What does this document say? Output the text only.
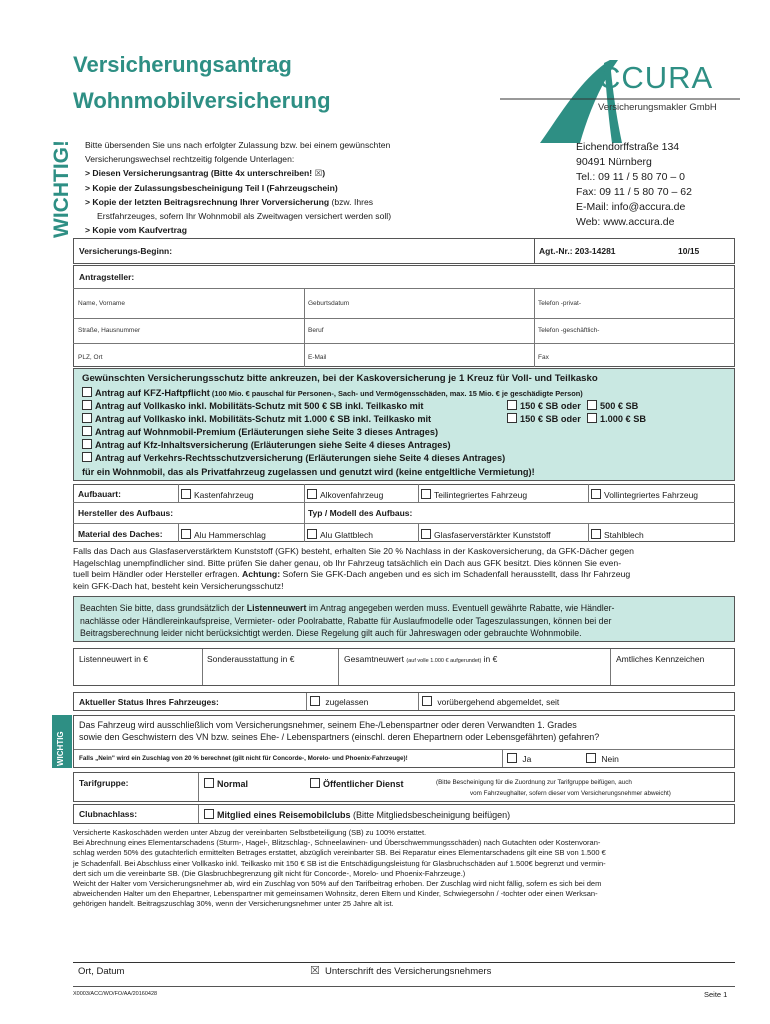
Versicherungsantrag
Wohnmobilversicherung
WICHTIG!
CCURA
Versicherungsmakler GmbH
Bitte übersenden Sie uns nach erfolgter Zulassung bzw. bei einem gewünschten
Versicherungswechsel rechtzeitig folgende Unterlagen:
> Diesen Versicherungsantrag (Bitte 4x unterschreiben! ☒)
> Kopie der Zulassungsbescheinigung Teil I (Fahrzeugschein)
> Kopie der letzten Beitragsrechnung Ihrer Vorversicherung (bzw. Ihres
Erstfahrzeuges, sofern Ihr Wohnmobil als Zweitwagen versichert werden soll)
> Kopie vom Kaufvertrag
Eichendorffstraße 134
90491 Nürnberg
Tel.: 09 11 / 5 80 70 – 0
Fax: 09 11 / 5 80 70 – 62
E-Mail: info@accura.de
Web: www.accura.de
Versicherungs-Beginn:	Agt.-Nr.: 203-14281	10/15
Antragsteller:
Name, Vorname	Geburtsdatum	Telefon -privat-
Straße, Hausnummer	Beruf	Telefon -geschäftlich-
PLZ, Ort	E-Mail	Fax
Gewünschten Versicherungsschutz bitte ankreuzen, bei der Kaskoversicherung je 1 Kreuz für Voll- und Teilkasko
Antrag auf KFZ-Haftpflicht (100 Mio. € pauschal für Personen-, Sach- und Vermögensschäden, max. 15 Mio. € je geschädigte Person)
Antrag auf Vollkasko inkl. Mobilitäts-Schutz mit 500 € SB inkl. Teilkasko mit	150 € SB oder	500 € SB
Antrag auf Vollkasko inkl. Mobilitäts-Schutz mit 1.000 € SB inkl. Teilkasko mit	150 € SB oder	1.000 € SB
Antrag auf Wohnmobil-Premium (Erläuterungen siehe Seite 3 dieses Antrages)
Antrag auf Kfz-Inhaltsversicherung (Erläuterungen siehe Seite 4 dieses Antrages)
Antrag auf Verkehrs-Rechtsschutzversicherung (Erläuterungen siehe Seite 4 dieses Antrages)
für ein Wohnmobil, das als Privatfahrzeug zugelassen und genutzt wird (keine entgeltliche Vermietung)!
Aufbauart:	Kastenfahrzeug	Alkovenfahrzeug	Teilintegriertes Fahrzeug	Vollintegriertes Fahrzeug
Hersteller des Aufbaus:	Typ / Modell des Aufbaus:
Material des Daches:	Alu Hammerschlag	Alu Glattblech	Glasfaserverstärkter Kunststoff	Stahlblech
Falls das Dach aus Glasfaserverstärktem Kunststoff (GFK) besteht, erhalten Sie 20 % Nachlass in der Kaskoversicherung, da GFK-Dächer gegen
Hagelschlag unempfindlicher sind. Bitte prüfen Sie daher genau, ob Ihr Fahrzeug tatsächlich ein Dach aus GFK besitzt. Dies können Sie even-
tuell beim Händler oder Hersteller erfragen. Achtung: Sofern Sie GFK-Dach angeben und es sich im Schadenfall herausstellt, dass Ihr Fahrzeug
kein GFK-Dach hat, besteht kein Versicherungsschutz!
Beachten Sie bitte, dass grundsätzlich der Listenneuwert im Antrag angegeben werden muss. Eventuell gewährte Rabatte, wie Händler-
nachlässe oder Händlereinkaufspreise, Vermieter- oder Poolrabatte, Rabatte für Auslaufmodelle oder Tageszulassungen, können bei der
Beitragsberechnung leider nicht berücksichtigt werden. Diese Regelung gilt auch für Jahreswagen oder gebrauchte Wohnmobile.
Listenneuwert in €	Sonderausstattung in €	Gesamtneuwert (auf volle 1.000 € aufgerundet) in €	Amtliches Kennzeichen
Aktueller Status Ihres Fahrzeuges:	zugelassen	vorübergehend abgemeldet, seit
WICHTIG
Das Fahrzeug wird ausschließlich vom Versicherungsnehmer, seinem Ehe-/Lebenspartner oder deren Verwandten 1. Grades
sowie den Geschwistern des VN bzw. seines Ehe- / Lebenspartners (einschl. deren Ehepartnern oder Lebensgefährten) gefahren?
Falls „Nein" wird ein Zuschlag von 20 % berechnet (gilt nicht für Concorde-, Morelo- und Phoenix-Fahrzeuge)!	Ja	Nein
Tarifgruppe:	Normal	Öffentlicher Dienst	(Bitte Bescheinigung für die Zuordnung zur Tarifgruppe beifügen, auch
vom Fahrzeughalter, sofern dieser vom Versicherungsnehmer abweicht)
Clubnachlass:	Mitglied eines Reisemobilclubs (Bitte Mitgliedsbescheinigung beifügen)
Versicherte Kaskoschäden werden unter Abzug der vereinbarten Selbstbeteiligung (SB) zu 100% erstattet.
Bei Abrechnung eines Elementarschadens (Sturm-, Hagel-, Blitzschlag-, Schneelawinen- und Überschwemmungsschäden) nach Gutachten oder Kostenvoran-
schlag werden 50% des gutachterlich ermittelten Betrages erstattet, abzüglich vereinbarter SB. Bei Reparatur eines Elementarschadens gilt eine SB von 1.500 €
je Schadenfall. Bei Abschluss einer Vollkasko inkl. Teilkasko mit 150 € SB ist die Entschädigungsleistung für Glasbruchschäden auf 1.500€ begrenzt und vermin-
dert sich um die vereinbarte SB. (Die Glasbruchbegrenzung gilt nicht für Concorde-, Morelo- und Phoenix-Fahrzeuge.)
Weicht der Halter vom Versicherungsnehmer ab, wird ein Zuschlag von 50% auf den Tarifbeitrag erhoben. Der Zuschlag wird nicht fällig, sofern es sich bei dem
abweichenden Halter um den Ehepartner, Lebenspartner mit gemeinsamen Wohnsitz, deren Eltern und Kinder, Schwiegersohn / -tochter oder einen Werksan-
gehörigen handelt. Beitragszuschlag 30%, wenn der Versicherungsnehmer unter 25 Jahre alt ist.
Ort, Datum	☒ Unterschrift des Versicherungsnehmers
X0003/ACC/WO/FO/AA/20160428	Seite 1
